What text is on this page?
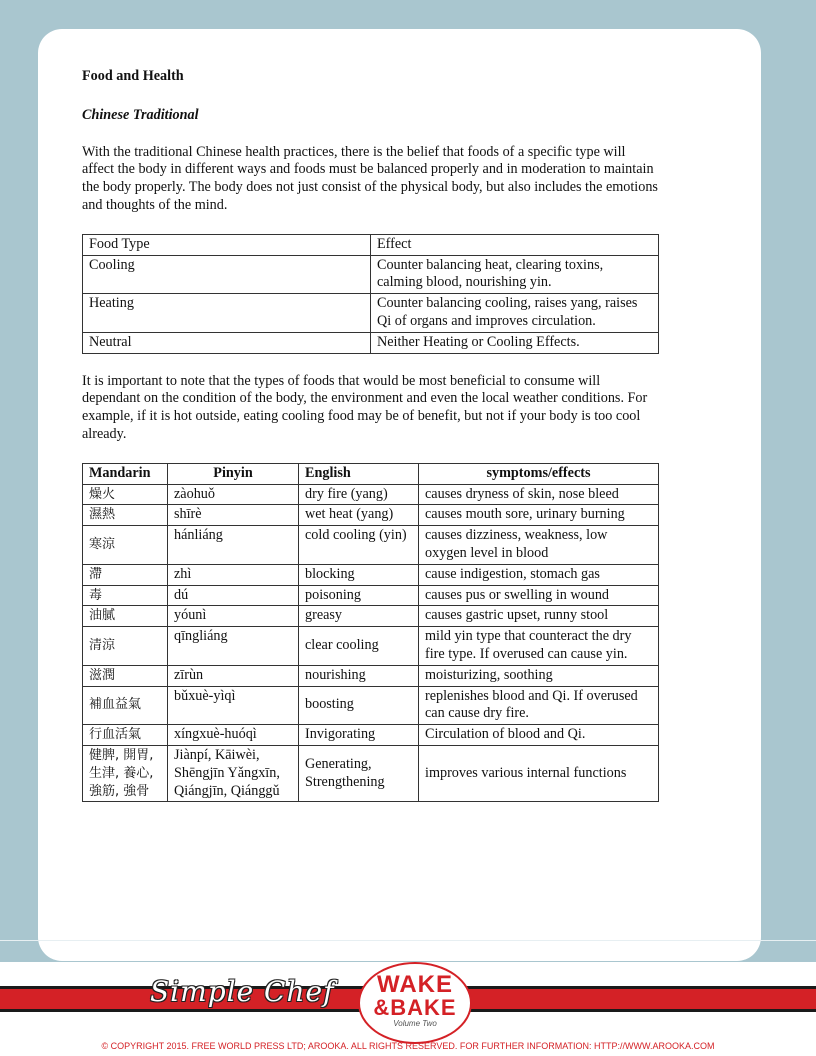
Food and Health

Chinese Traditional

With the traditional Chinese health practices, there is the belief that foods of a specific type will affect the body in different ways and foods must be balanced properly and in moderation to maintain the body properly. The body does not just consist of the physical body, but also includes the emotions and thoughts of the mind.

Food Type	Effect
Cooling	Counter balancing heat, clearing toxins, calming blood, nourishing yin.
Heating	Counter balancing cooling, raises yang, raises Qi of organs and improves circulation.
Neutral	Neither Heating or Cooling Effects.

It is important to note that the types of foods that would be most beneficial to consume will dependant on the condition of the body, the environment and even the local weather conditions. For example, if it is hot outside, eating cooling food may be of benefit, but not if your body is too cool already.

Mandarin	Pinyin	English	symptoms/effects
燥火	zàohuǒ	dry fire (yang)	causes dryness of skin, nose bleed
濕熱	shīrè	wet heat (yang)	causes mouth sore, urinary burning
寒涼	hánliáng	cold cooling (yin)	causes dizziness, weakness, low oxygen level in blood
滯	zhì	blocking	cause indigestion, stomach gas
毒	dú	poisoning	causes pus or swelling in wound
油膩	yóunì	greasy	causes gastric upset, runny stool
清涼	qīngliáng	clear cooling	mild yin type that counteract the dry fire type. If overused can cause yin.
滋潤	zīrùn	nourishing	moisturizing, soothing
補血益氣	bǔxuè-yìqì	boosting	replenishes blood and Qi. If overused can cause dry fire.
行血活氣	xíngxuè-huóqì	Invigorating	Circulation of blood and Qi.
健脾, 開胃, 生津, 養心, 強筋, 強骨	Jiànpí, Kāiwèi, Shēngjīn Yǎngxīn, Qiángjīn, Qiánggǔ	Generating, Strengthening	improves various internal functions
Simple Chef	WAKE
&BAKE
Volume Two
© COPYRIGHT 2015. FREE WORLD PRESS LTD; AROOKA. ALL RIGHTS RESERVED. FOR FURTHER INFORMATION: HTTP://WWW.AROOKA.COM
